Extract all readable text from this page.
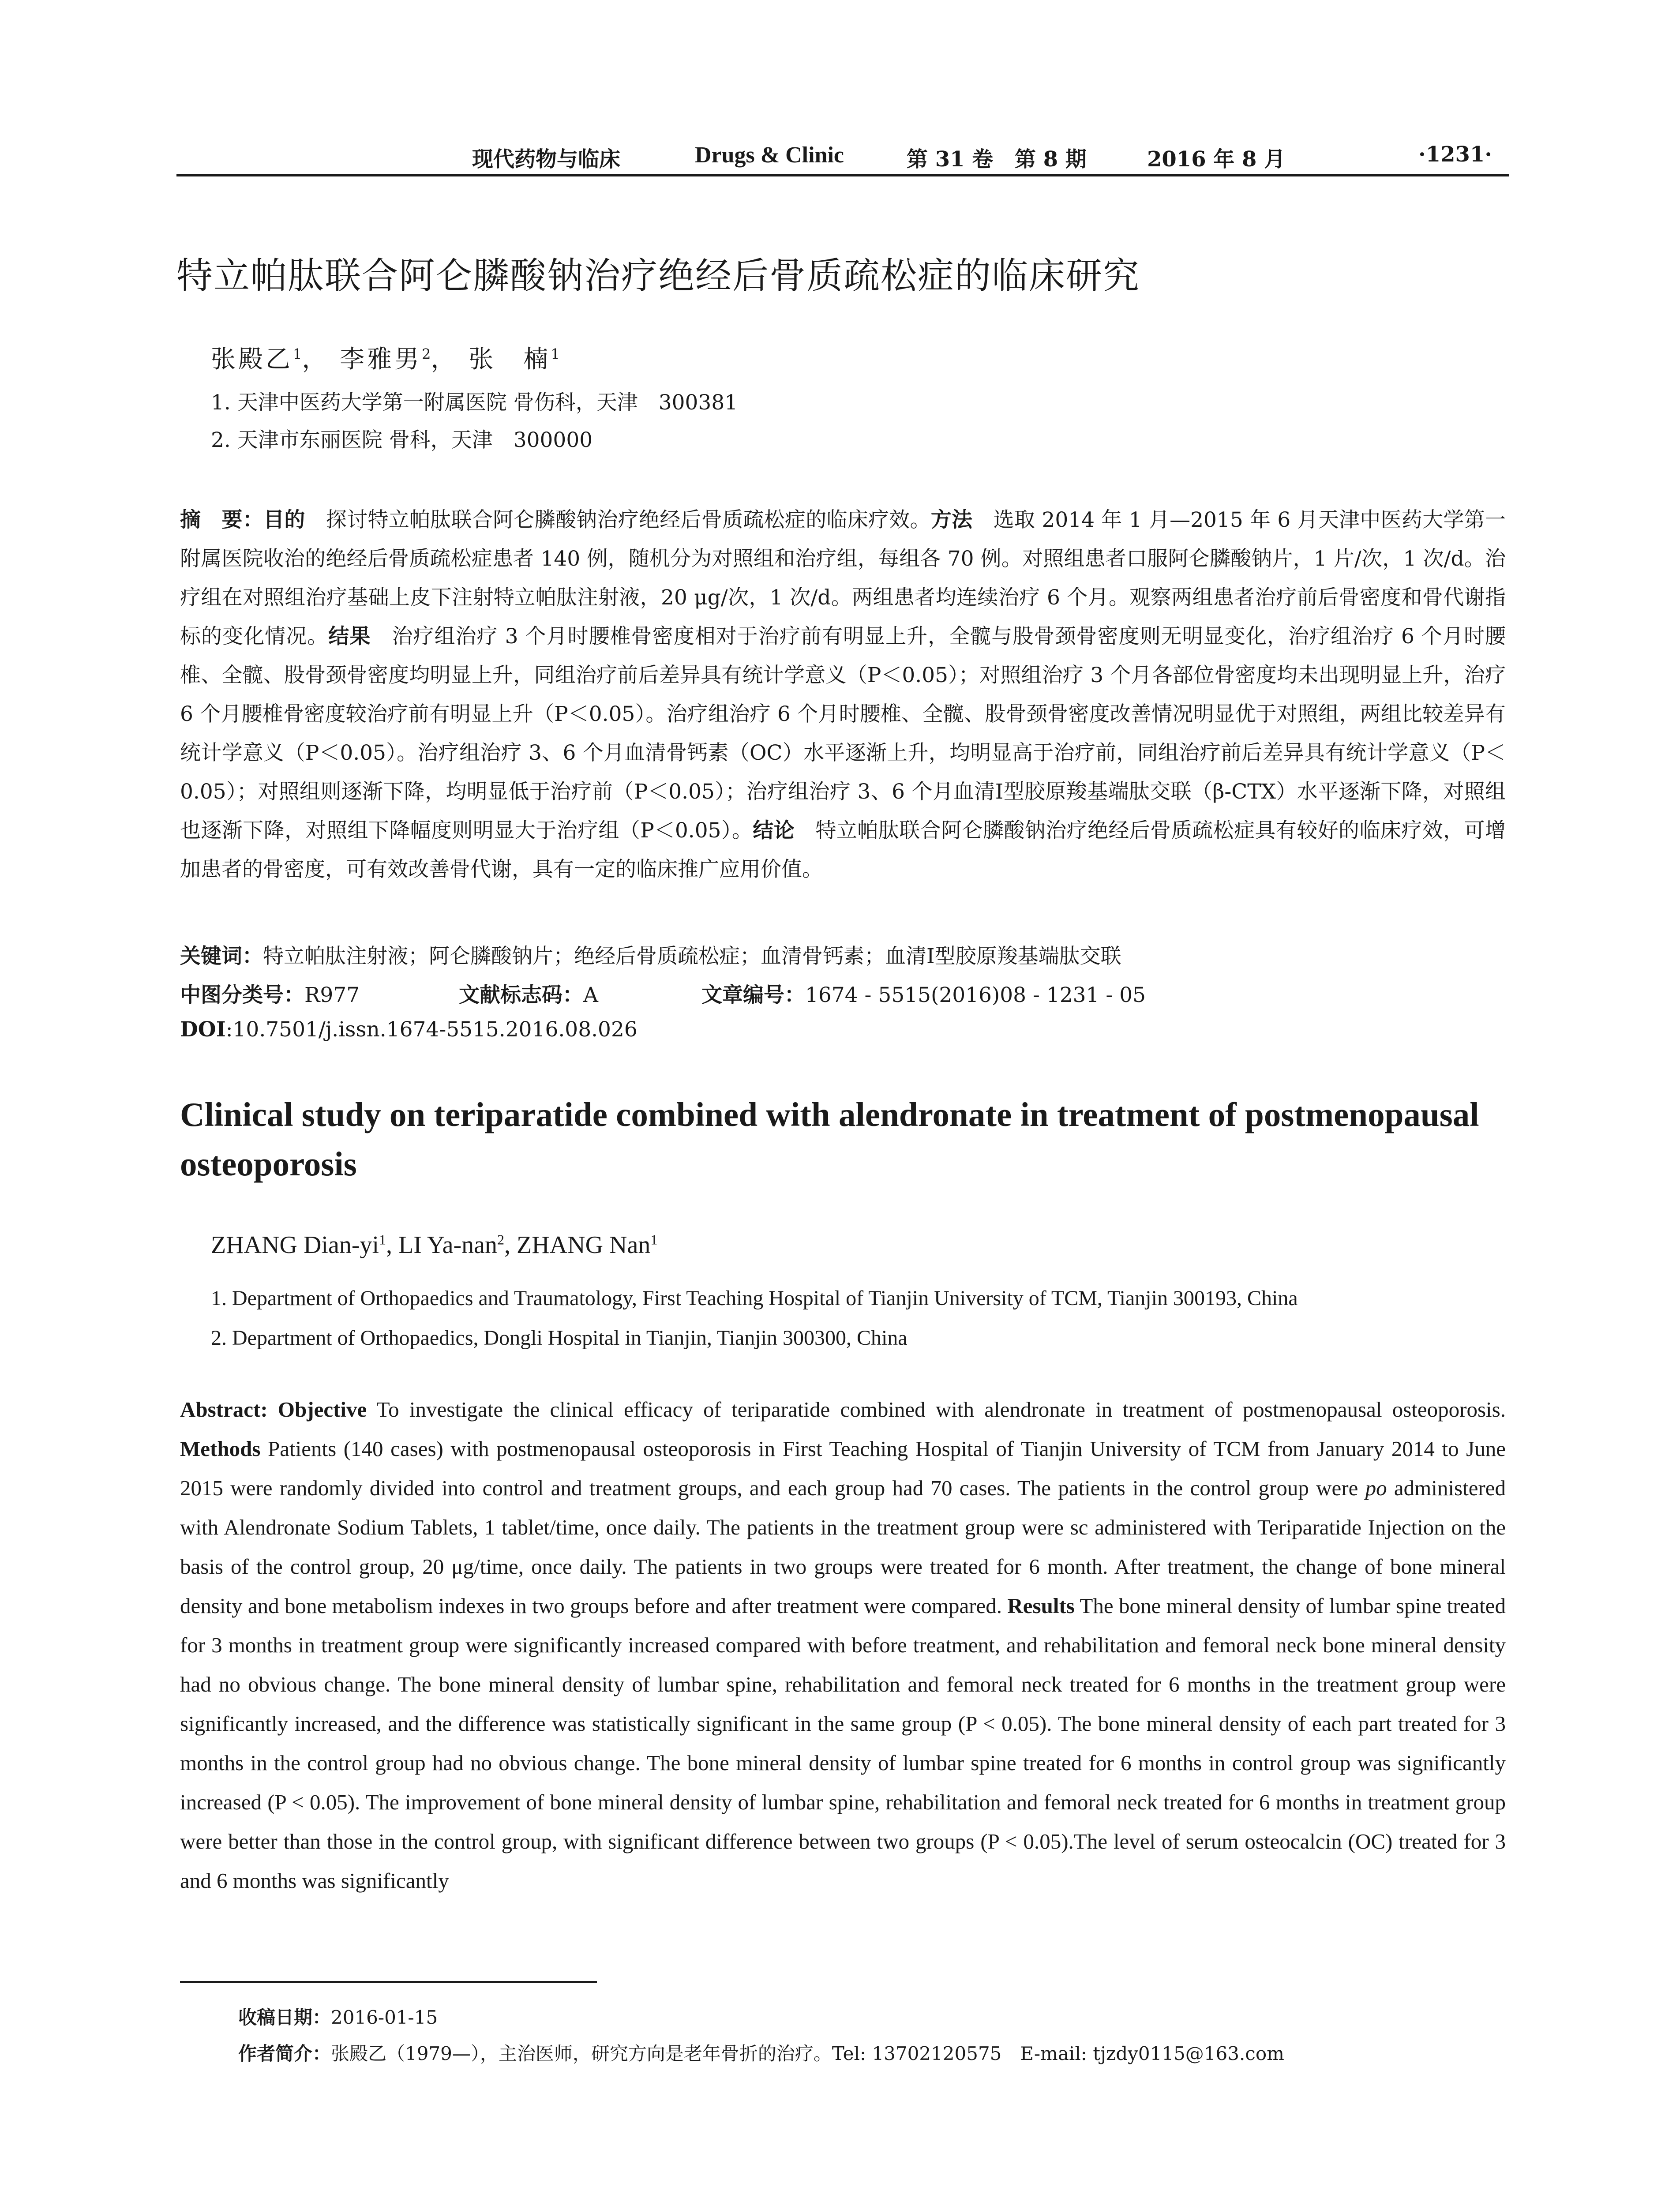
现代药物与临床	Drugs & Clinic	第 31 卷 第 8 期	2016 年 8 月	·1231·
特立帕肽联合阿仑膦酸钠治疗绝经后骨质疏松症的临床研究
张殿乙$^1$， 李雅男$^2$， 张　楠$^1$
1. 天津中医药大学第一附属医院 骨伤科，天津　300381
2. 天津市东丽医院 骨科，天津　300000
摘　要：目的　探讨特立帕肽联合阿仑膦酸钠治疗绝经后骨质疏松症的临床疗效。方法　选取 2014 年 1 月—2015 年 6 月天津中医药大学第一附属医院收治的绝经后骨质疏松症患者 140 例，随机分为对照组和治疗组，每组各 70 例。对照组患者口服阿仑膦酸钠片，1 片/次，1 次/d。治疗组在对照组治疗基础上皮下注射特立帕肽注射液，20 μg/次，1 次/d。两组患者均连续治疗 6 个月。观察两组患者治疗前后骨密度和骨代谢指标的变化情况。结果　治疗组治疗 3 个月时腰椎骨密度相对于治疗前有明显上升，全髋与股骨颈骨密度则无明显变化，治疗组治疗 6 个月时腰椎、全髋、股骨颈骨密度均明显上升，同组治疗前后差异具有统计学意义（P＜0.05）；对照组治疗 3 个月各部位骨密度均未出现明显上升，治疗 6 个月腰椎骨密度较治疗前有明显上升（P＜0.05）。治疗组治疗 6 个月时腰椎、全髋、股骨颈骨密度改善情况明显优于对照组，两组比较差异有统计学意义（P＜0.05）。治疗组治疗 3、6 个月血清骨钙素（OC）水平逐渐上升，均明显高于治疗前，同组治疗前后差异具有统计学意义（P＜0.05）；对照组则逐渐下降，均明显低于治疗前（P＜0.05）；治疗组治疗 3、6 个月血清Ⅰ型胶原羧基端肽交联（β-CTX）水平逐渐下降，对照组也逐渐下降，对照组下降幅度则明显大于治疗组（P＜0.05）。结论　特立帕肽联合阿仑膦酸钠治疗绝经后骨质疏松症具有较好的临床疗效，可增加患者的骨密度，可有效改善骨代谢，具有一定的临床推广应用价值。
关键词：特立帕肽注射液；阿仑膦酸钠片；绝经后骨质疏松症；血清骨钙素；血清Ⅰ型胶原羧基端肽交联
中图分类号：R977	文献标志码：A	文章编号：1674 - 5515(2016)08 - 1231 - 05
DOI:10.7501/j.issn.1674-5515.2016.08.026
Clinical study on teriparatide combined with alendronate in treatment of postmenopausal osteoporosis
ZHANG Dian-$yi^1$, LI Ya-nan$^2$, ZHANG Nan$^1$
1. Department of Orthopaedics and Traumatology, First Teaching Hospital of Tianjin University of TCM, Tianjin 300193, China
2. Department of Orthopaedics, Dongli Hospital in Tianjin, Tianjin 300300, China
Abstract: Objective To investigate the clinical efficacy of teriparatide combined with alendronate in treatment of postmenopausal osteoporosis. Methods Patients (140 cases) with postmenopausal osteoporosis in First Teaching Hospital of Tianjin University of TCM from January 2014 to June 2015 were randomly divided into control and treatment groups, and each group had 70 cases. The patients in the control group were po administered with Alendronate Sodium Tablets, 1 tablet/time, once daily. The patients in the treatment group were sc administered with Teriparatide Injection on the basis of the control group, 20 μg/time, once daily. The patients in two groups were treated for 6 month. After treatment, the change of bone mineral density and bone metabolism indexes in two groups before and after treatment were compared. Results The bone mineral density of lumbar spine treated for 3 months in treatment group were significantly increased compared with before treatment, and rehabilitation and femoral neck bone mineral density had no obvious change. The bone mineral density of lumbar spine, rehabilitation and femoral neck treated for 6 months in the treatment group were significantly increased, and the difference was statistically significant in the same group (P < 0.05). The bone mineral density of each part treated for 3 months in the control group had no obvious change. The bone mineral density of lumbar spine treated for 6 months in control group was significantly increased (P < 0.05). The improvement of bone mineral density of lumbar spine, rehabilitation and femoral neck treated for 6 months in treatment group were better than those in the control group, with significant difference between two groups (P < 0.05).The level of serum osteocalcin (OC) treated for 3 and 6 months was significantly
收稿日期：2016-01-15
作者简介：张殿乙（1979—），主治医师，研究方向是老年骨折的治疗。Tel: 13702120575　E-mail: tjzdy0115@163.com
